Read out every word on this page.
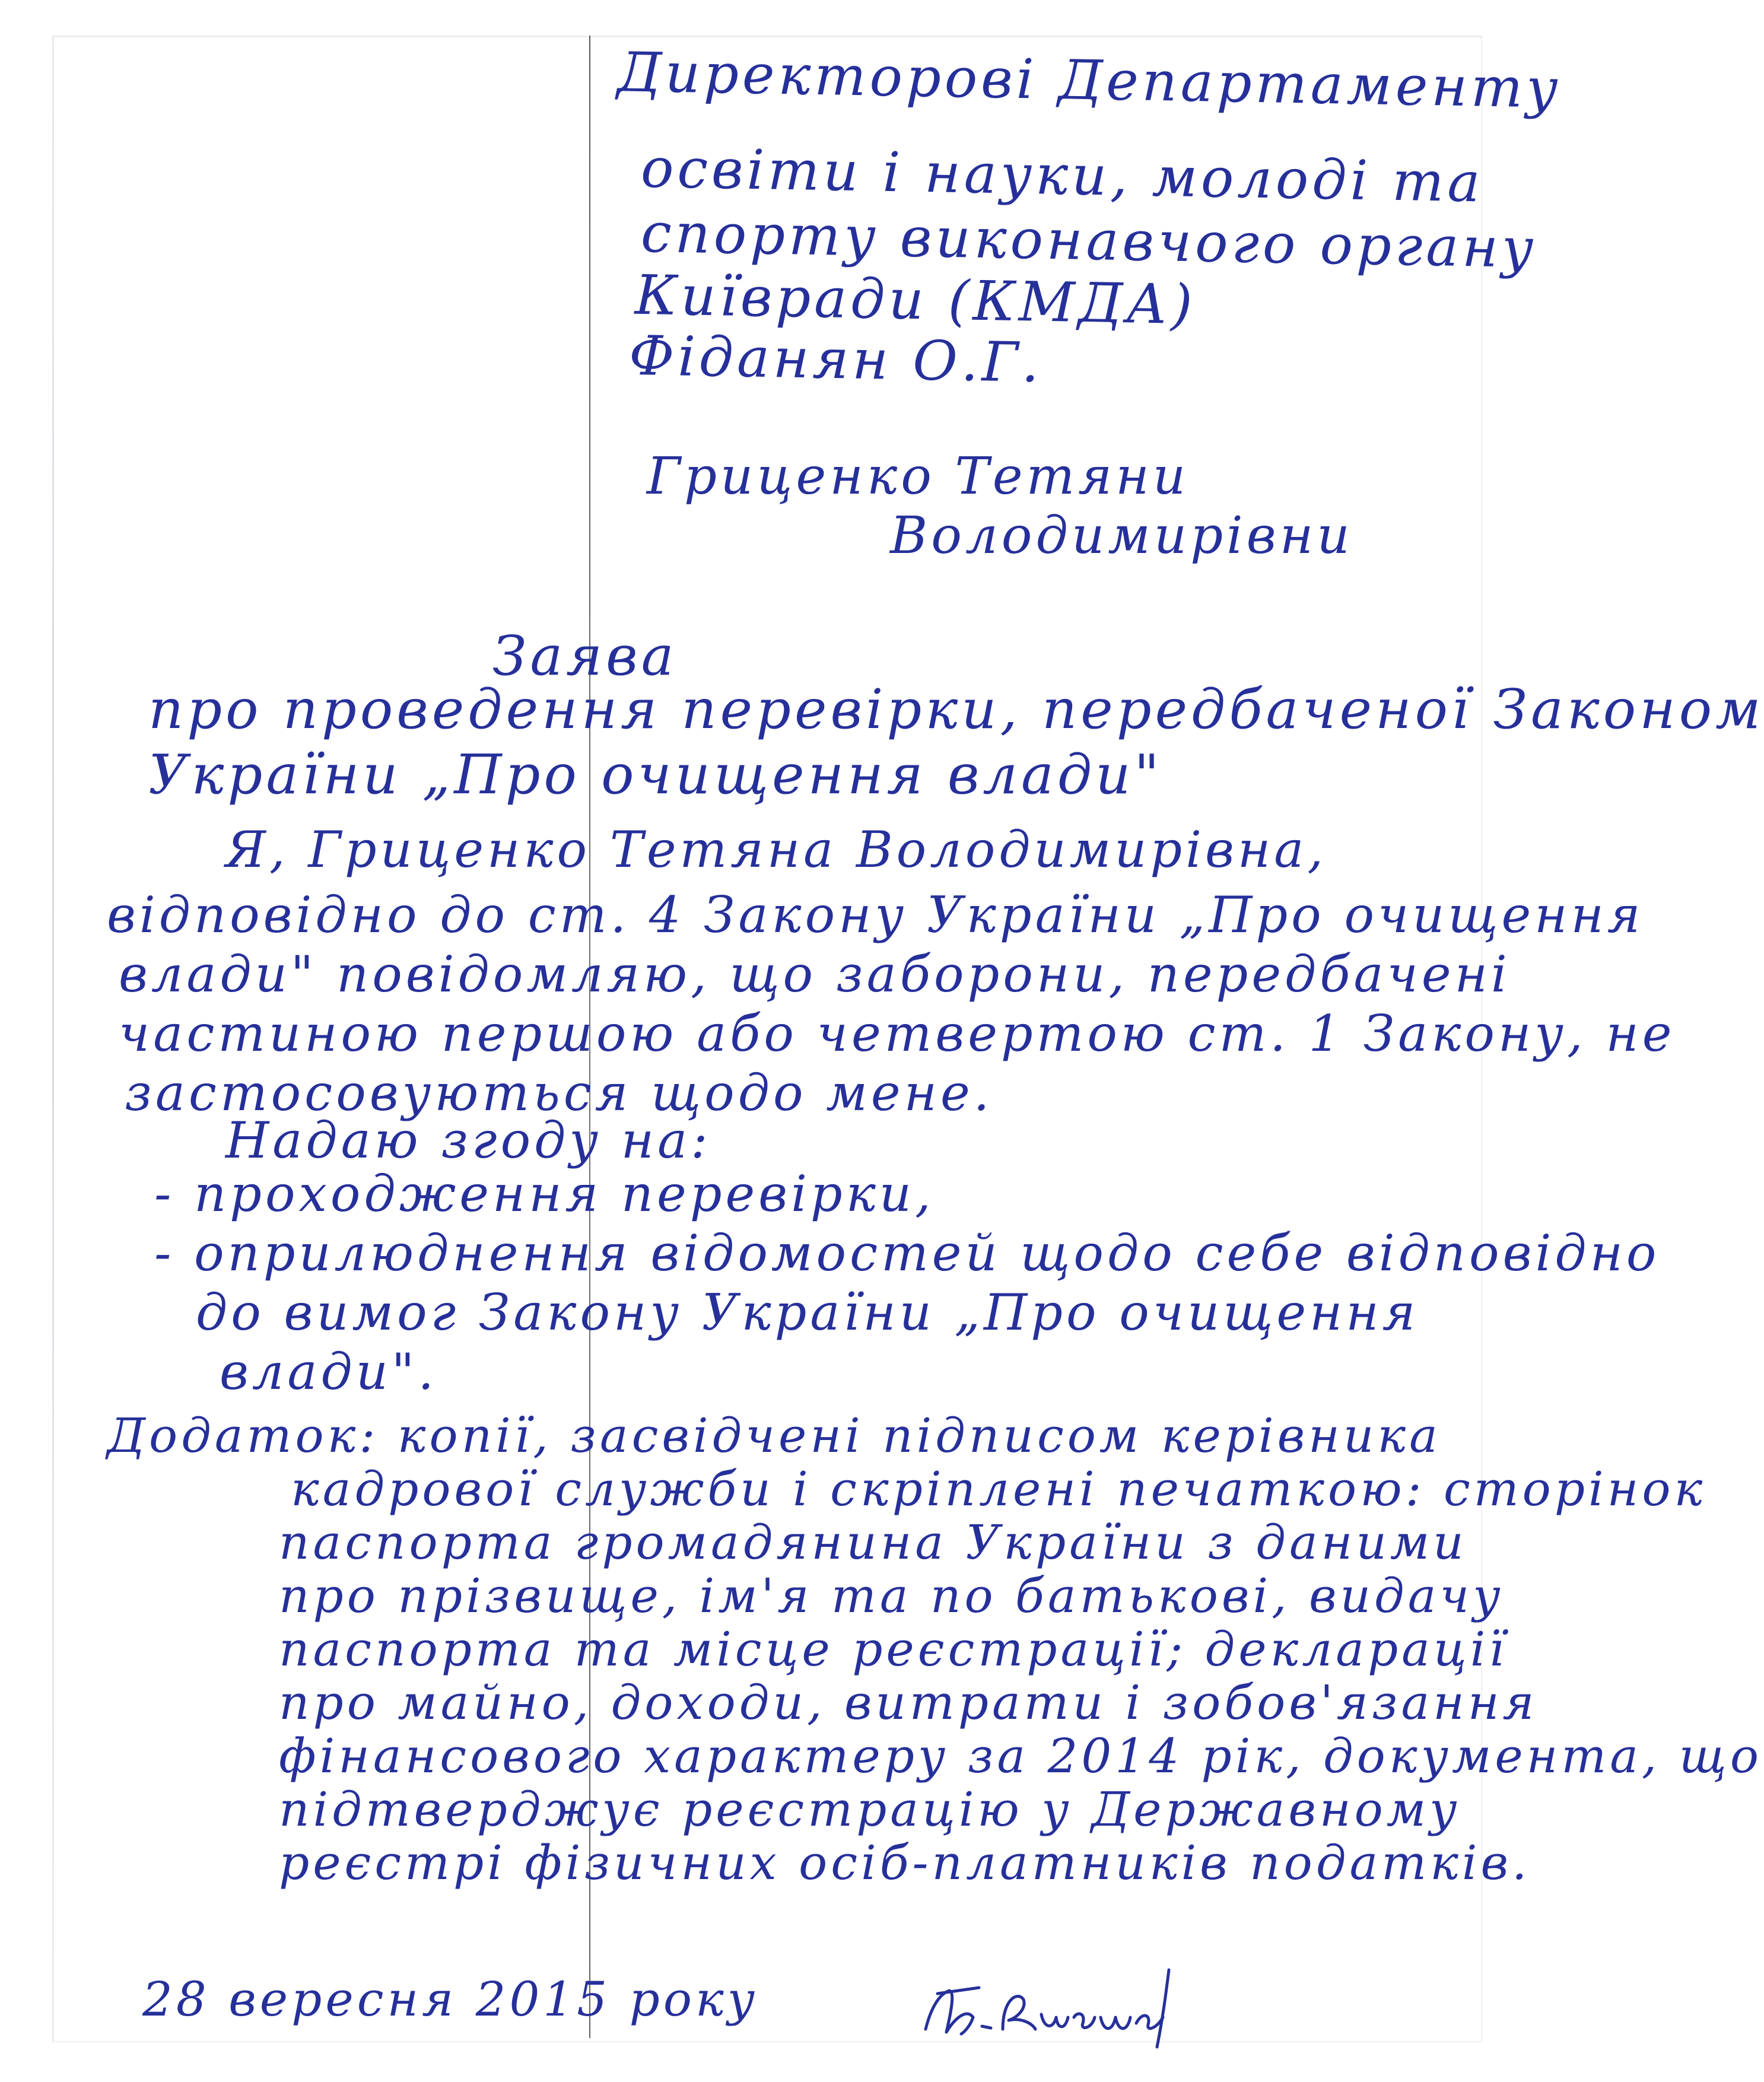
Директорові Департаменту
освіти і науки, молоді та
спорту виконавчого органу
Київради (КМДА)
Фіданян О.Г.
Гриценко Тетяни
Володимирівни
Заява
про проведення перевірки, передбаченої Законом
України „Про очищення влади"
Я, Гриценко Тетяна Володимирівна,
відповідно до ст. 4 Закону України „Про очищення
влади" повідомляю, що заборони, передбачені
частиною першою або четвертою ст. 1 Закону, не
застосовуються щодо мене.
Надаю згоду на:
- проходження перевірки,
- оприлюднення відомостей щодо себе відповідно
до вимог Закону України „Про очищення
влади".
Додаток: копії, засвідчені підписом керівника
кадрової служби і скріплені печаткою: сторінок
паспорта громадянина України з даними
про прізвище, ім'я та по батькові, видачу
паспорта та місце реєстрації; декларації
про майно, доходи, витрати і зобов'язання
фінансового характеру за 2014 рік, документа, що
підтверджує реєстрацію у Державному
реєстрі фізичних осіб-платників податків.
28 вересня 2015 року
